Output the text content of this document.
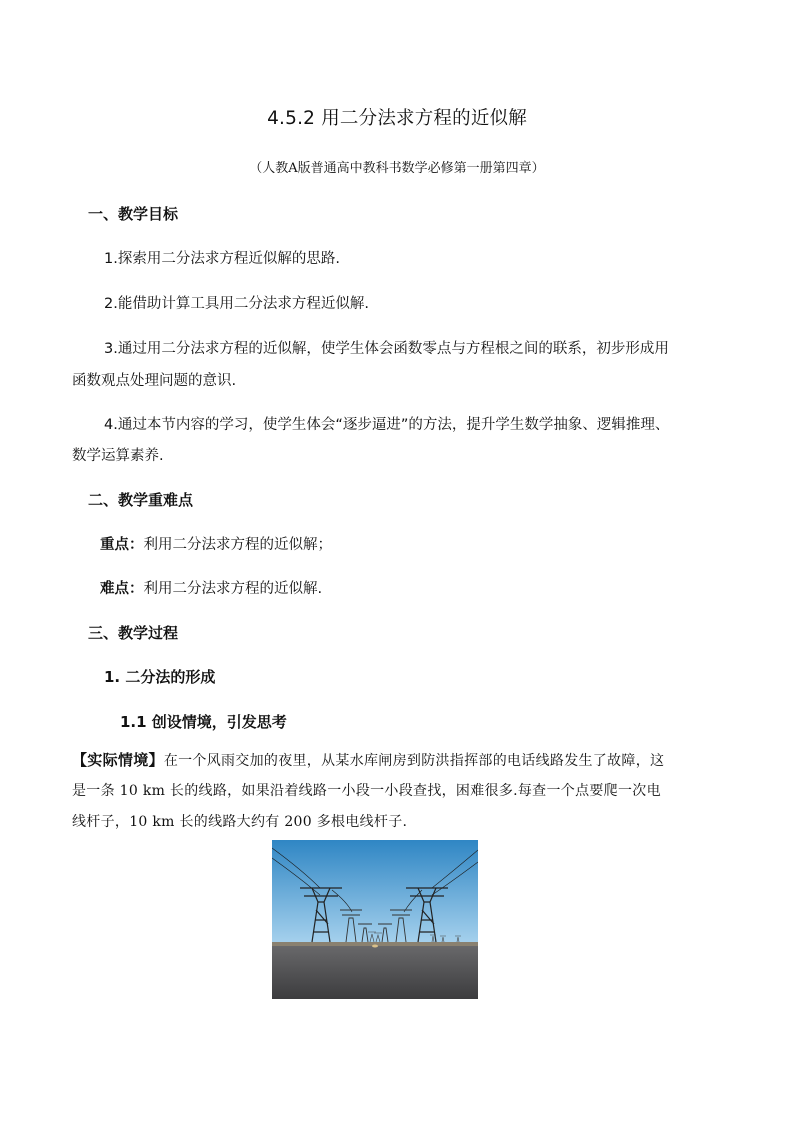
4.5.2 用二分法求方程的近似解
（人教A版普通高中教科书数学必修第一册第四章）
一、教学目标
1.探索用二分法求方程近似解的思路.
2.能借助计算工具用二分法求方程近似解.
3.通过用二分法求方程的近似解，使学生体会函数零点与方程根之间的联系，初步形成用
函数观点处理问题的意识.
4.通过本节内容的学习，使学生体会“逐步逼进”的方法，提升学生数学抽象、逻辑推理、
数学运算素养.
二、教学重难点
重点：利用二分法求方程的近似解；
难点：利用二分法求方程的近似解.
三、教学过程
1. 二分法的形成
1.1 创设情境，引发思考
【实际情境】在一个风雨交加的夜里，从某水库闸房到防洪指挥部的电话线路发生了故障，这
是一条 10 km 长的线路，如果沿着线路一小段一小段查找，困难很多.每查一个点要爬一次电
线杆子，10 km 长的线路大约有 200 多根电线杆子.
